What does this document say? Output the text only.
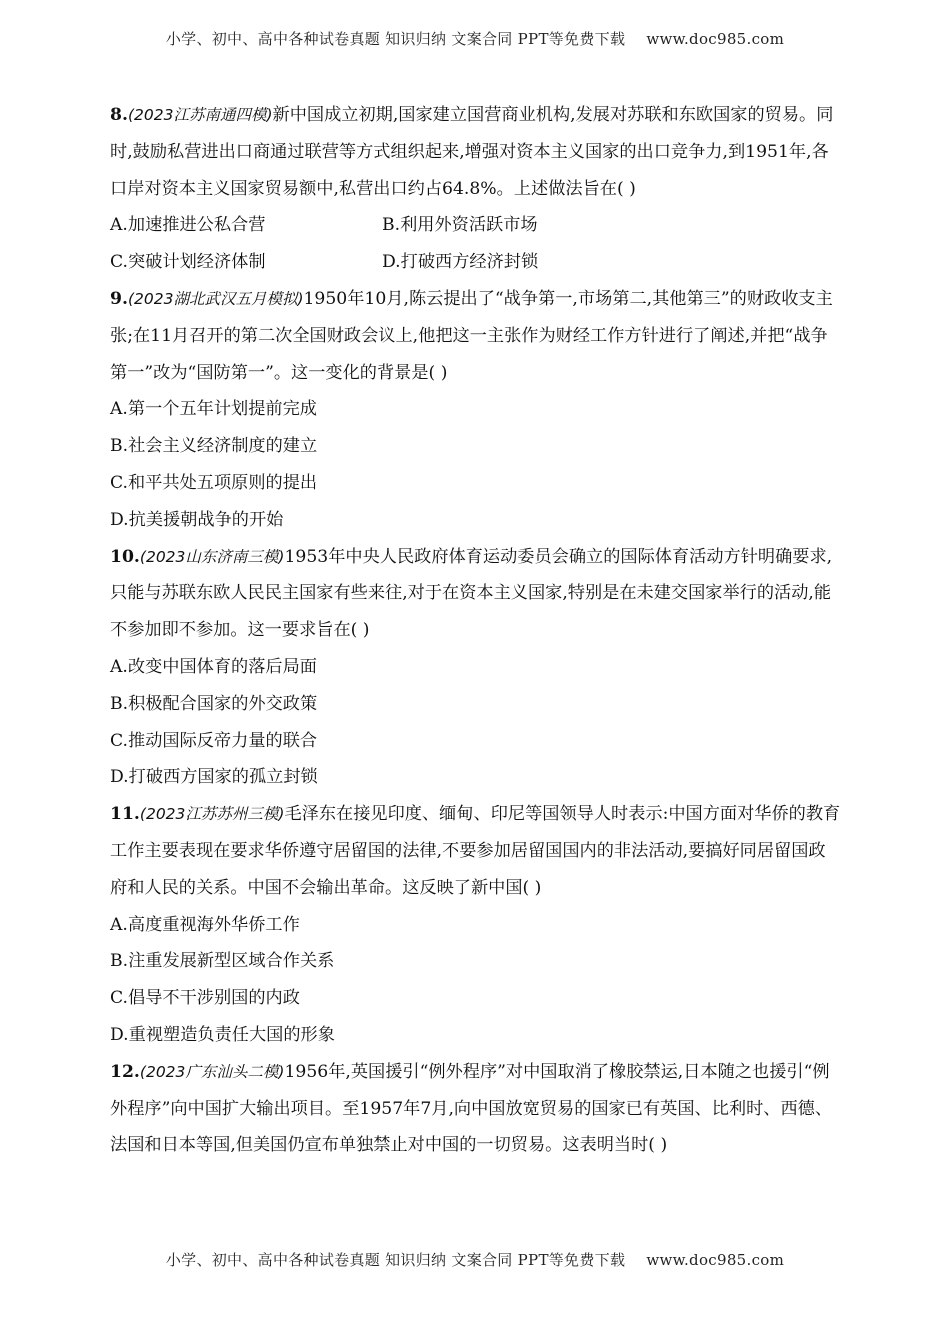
小学、初中、高中各种试卷真题 知识归纳 文案合同 PPT等免费下载 www.doc985.com

8.(2023江苏南通四模)新中国成立初期,国家建立国营商业机构,发展对苏联和东欧国家的贸易。同时,鼓励私营进出口商通过联营等方式组织起来,增强对资本主义国家的出口竞争力,到1951年,各口岸对资本主义国家贸易额中,私营出口约占64.8%。上述做法旨在( )

A.加速推进公私合营	B.利用外资活跃市场
C.突破计划经济体制	D.打破西方经济封锁

9.(2023湖北武汉五月模拟)1950年10月,陈云提出了“战争第一,市场第二,其他第三”的财政收支主张;在11月召开的第二次全国财政会议上,他把这一主张作为财经工作方针进行了阐述,并把“战争第一”改为“国防第一”。这一变化的背景是( )

A.第一个五年计划提前完成

B.社会主义经济制度的建立

C.和平共处五项原则的提出

D.抗美援朝战争的开始

10.(2023山东济南三模)1953年中央人民政府体育运动委员会确立的国际体育活动方针明确要求,只能与苏联东欧人民民主国家有些来往,对于在资本主义国家,特别是在未建交国家举行的活动,能不参加即不参加。这一要求旨在( )

A.改变中国体育的落后局面

B.积极配合国家的外交政策

C.推动国际反帝力量的联合

D.打破西方国家的孤立封锁

11.(2023江苏苏州三模)毛泽东在接见印度、缅甸、印尼等国领导人时表示:中国方面对华侨的教育工作主要表现在要求华侨遵守居留国的法律,不要参加居留国国内的非法活动,要搞好同居留国政府和人民的关系。中国不会输出革命。这反映了新中国( )

A.高度重视海外华侨工作

B.注重发展新型区域合作关系

C.倡导不干涉别国的内政

D.重视塑造负责任大国的形象

12.(2023广东汕头二模)1956年,英国援引“例外程序”对中国取消了橡胶禁运,日本随之也援引“例外程序”向中国扩大输出项目。至1957年7月,向中国放宽贸易的国家已有英国、比利时、西德、法国和日本等国,但美国仍宣布单独禁止对中国的一切贸易。这表明当时( )

小学、初中、高中各种试卷真题 知识归纳 文案合同 PPT等免费下载 www.doc985.com
